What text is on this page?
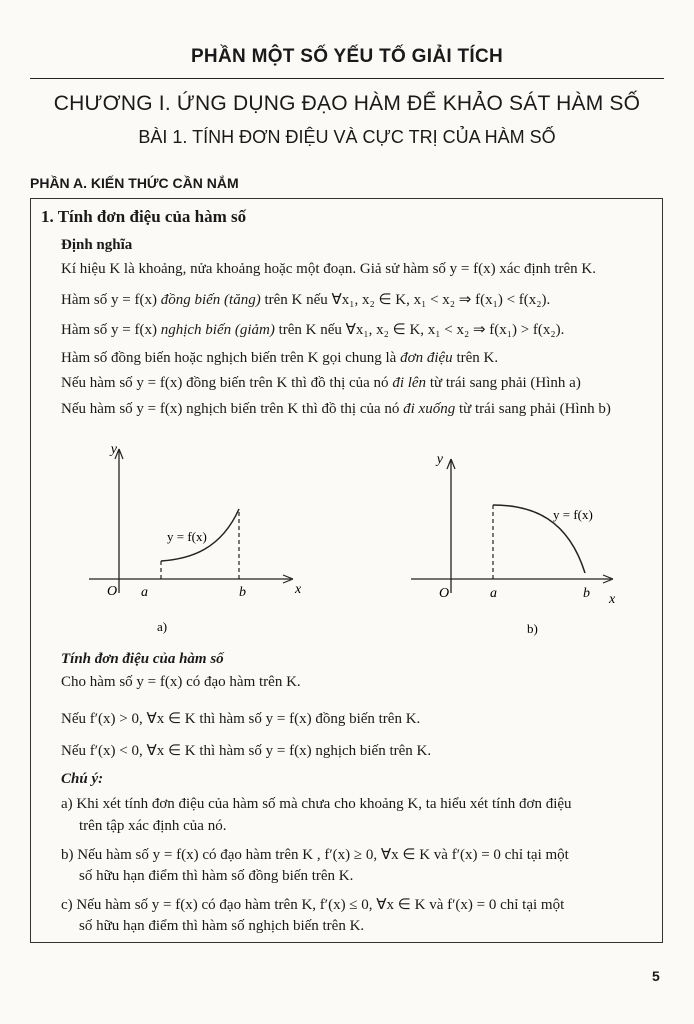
PHẦN MỘT SỐ YẾU TỐ GIẢI TÍCH
CHƯƠNG I. ỨNG DỤNG ĐẠO HÀM ĐỂ KHẢO SÁT HÀM SỐ
BÀI 1. TÍNH ĐƠN ĐIỆU VÀ CỰC TRỊ CỦA HÀM SỐ
PHẦN A. KIẾN THỨC CẦN NẮM
1. Tính đơn điệu của hàm số
Định nghĩa
Kí hiệu K là khoảng, nửa khoảng hoặc một đoạn. Giả sử hàm số y = f(x) xác định trên K.
Hàm số y = f(x) đồng biến (tăng) trên K nếu ∀x₁, x₂ ∈ K, x₁ < x₂ ⇒ f(x₁) < f(x₂).
Hàm số y = f(x) nghịch biến (giảm) trên K nếu ∀x₁, x₂ ∈ K, x₁ < x₂ ⇒ f(x₁) > f(x₂).
Hàm số đồng biến hoặc nghịch biến trên K gọi chung là đơn điệu trên K.
Nếu hàm số y = f(x) đồng biến trên K thì đồ thị của nó đi lên từ trái sang phải (Hình a)
Nếu hàm số y = f(x) nghịch biến trên K thì đồ thị của nó đi xuống từ trái sang phải (Hình b)
y
x
O a	b
y = f(x)
a)
y
x
O	a	b
y = f(x)
b)
Tính đơn điệu của hàm số
Cho hàm số y = f(x) có đạo hàm trên K.
Nếu f′(x) > 0, ∀x ∈ K thì hàm số y = f(x) đồng biến trên K.
Nếu f′(x) < 0, ∀x ∈ K thì hàm số y = f(x) nghịch biến trên K.
Chú ý:
a) Khi xét tính đơn điệu của hàm số mà chưa cho khoảng K, ta hiểu xét tính đơn điệu
trên tập xác định của nó.
b) Nếu hàm số y = f(x) có đạo hàm trên K , f′(x) ≥ 0, ∀x ∈ K và f′(x) = 0 chỉ tại một
số hữu hạn điểm thì hàm số đồng biến trên K.
c) Nếu hàm số y = f(x) có đạo hàm trên K, f′(x) ≤ 0, ∀x ∈ K và f′(x) = 0 chỉ tại một
số hữu hạn điểm thì hàm số nghịch biến trên K.
5
